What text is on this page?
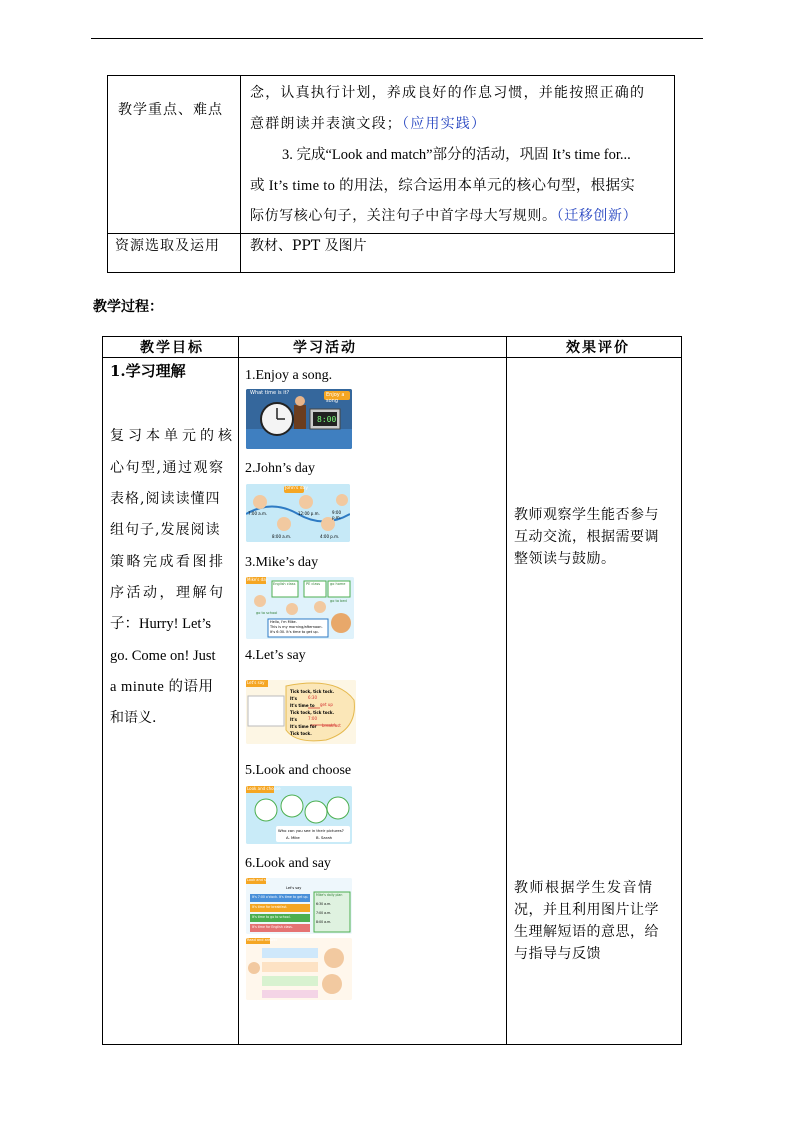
教学重点、难点
念，认真执行计划，养成良好的作息习惯，并能按照正确的
意群朗读并表演文段；（应用实践）
3. 完成“Look and match”部分的活动，巩固 It’s time for...
或 It’s time to 的用法，综合运用本单元的核心句型，根据实
际仿写核心句子，关注句子中首字母大写规则。（迁移创新）
资源选取及运用 教材、PPT 及图片
教学过程：
教学目标	学习活动	效果评价
1.学习理解
复习本单元的核
心句型,通过观察
表格,阅读读懂四
组句子,发展阅读
策略完成看图排
序活动，理解句
子：Hurry! Let’s
go. Come on! Just
a minute 的语用
和语义.
1.Enjoy a song.
2.John’s day
3.Mike’s day
4.Let’s say
5.Look and choose
6.Look and say
What time is it?	Enjoy a song
8:00
John's day
7:00 a.m.
8:00 a.m.
12:00 p.m.
4:00 p.m.
9:00 p.m.
Mike's day
English class	PE class
go to school
go home
go to bed
Hello, I'm Mike.
This is my morning/afternoon.
It's 6:30. It's time to get up.
Let's say
Tick tock, tick tock.
It's	6:30
It's time to get up
Tick tock, tick tock.
It's	7:00
It's time for breakfast
Tick tock.
Look and choose
Who can you see in their pictures?
A. Mike	B. Sarah
Look and say
Let's say
It's 7:00 o'clock. It's time to get up.
It's time for breakfast.
It's time to go to school.
It's time for English class.
Mike's daily plan
6:30 a.m.
7:00 a.m.
8:00 a.m.
Read and answer
教师观察学生能否参与
互动交流，根据需要调
整领读与鼓励。
教师根据学生发音情
况，并且利用图片让学
生理解短语的意思，给
与指导与反馈
